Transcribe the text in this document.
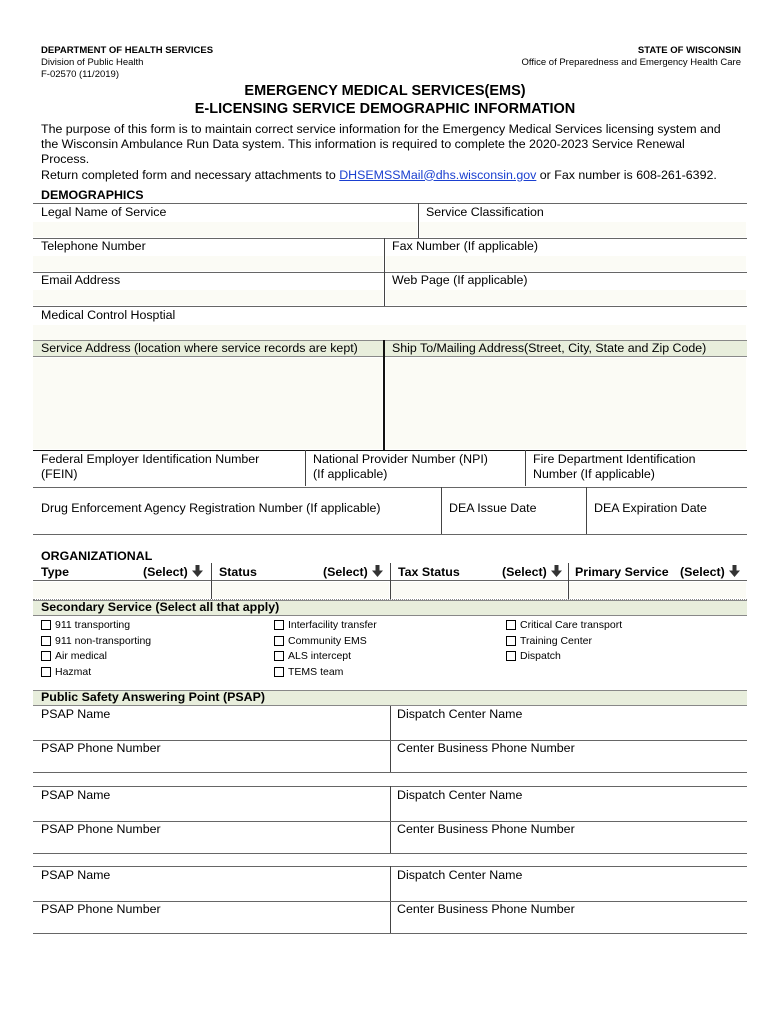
DEPARTMENT OF HEALTH SERVICES
Division of Public Health
F-02570 (11/2019)
STATE OF WISCONSIN
Office of Preparedness and Emergency Health Care
EMERGENCY MEDICAL SERVICES(EMS)
E-LICENSING SERVICE DEMOGRAPHIC INFORMATION
The purpose of this form is to maintain correct service information for the Emergency Medical Services licensing system and
the Wisconsin Ambulance Run Data system. This information is required to complete the 2020-2023 Service Renewal
Process.
Return completed form and necessary attachments to DHSEMSSMail@dhs.wisconsin.gov or Fax number is 608-261-6392.
DEMOGRAPHICS
Legal Name of Service	Service Classification
Telephone Number	Fax Number (If applicable)
Email Address	Web Page (If applicable)
Medical Control Hosptial
Service Address (location where service records are kept)	Ship To/Mailing Address(Street, City, State and Zip Code)
Federal Employer Identification Number
(FEIN)
National Provider Number (NPI)
(If applicable)
Fire Department Identification
Number (If applicable)
Drug Enforcement Agency Registration Number (If applicable)	DEA Issue Date	DEA Expiration Date
ORGANIZATIONAL
Type	(Select)	Status	(Select)	Tax Status	(Select)	Primary Service (Select)
Secondary Service (Select all that apply)
911 transporting
911 non-transporting
Air medical
Hazmat
Interfacility transfer
Community EMS
ALS intercept
TEMS team
Critical Care transport
Training Center
Dispatch
Public Safety Answering Point (PSAP)
PSAP Name	Dispatch Center Name
PSAP Phone Number	Center Business Phone Number
PSAP Name	Dispatch Center Name
PSAP Phone Number	Center Business Phone Number
PSAP Name	Dispatch Center Name
PSAP Phone Number	Center Business Phone Number
